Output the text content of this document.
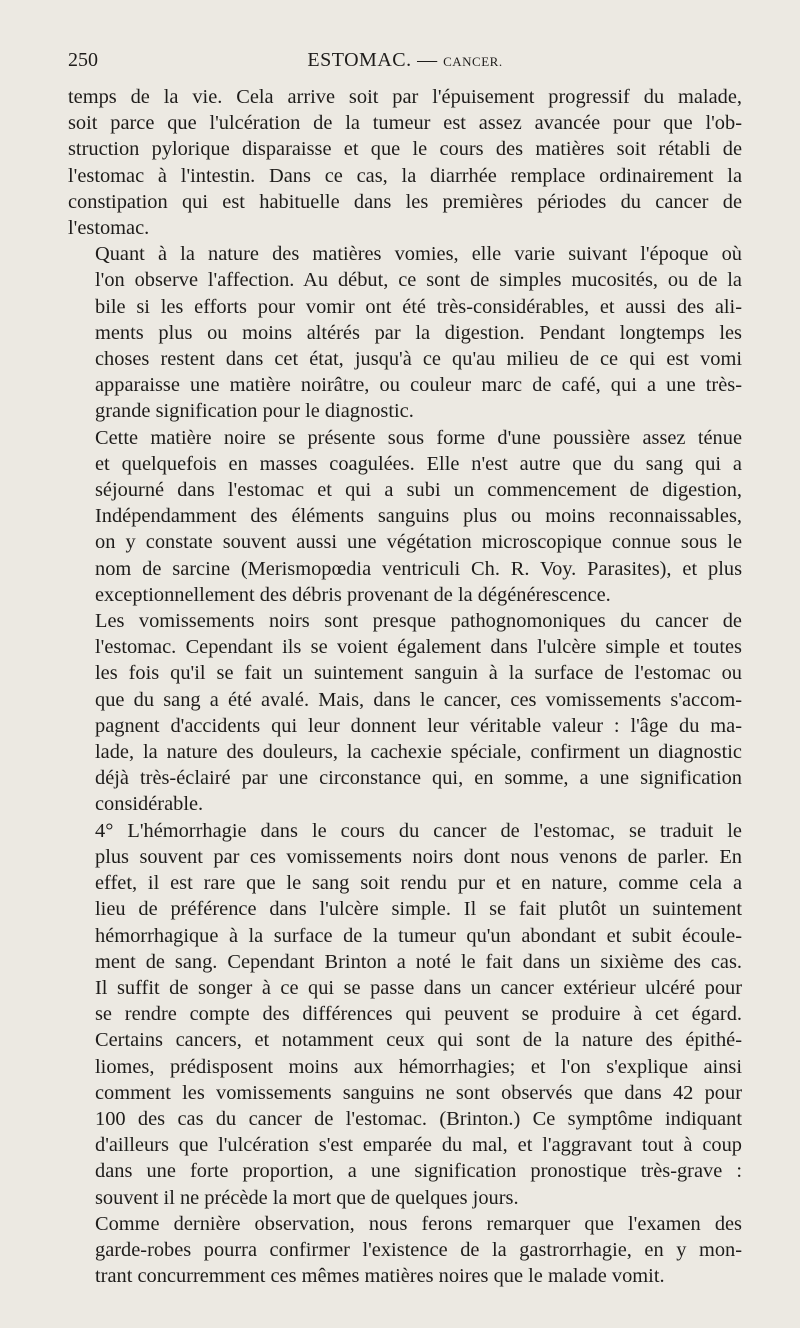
250	ESTOMAC. — CANCER.

temps de la vie. Cela arrive soit par l'épuisement progressif du malade,
soit parce que l'ulcération de la tumeur est assez avancée pour que l'ob-
struction pylorique disparaisse et que le cours des matières soit rétabli de
l'estomac à l'intestin. Dans ce cas, la diarrhée remplace ordinairement la
constipation qui est habituelle dans les premières périodes du cancer de
l'estomac.

Quant à la nature des matières vomies, elle varie suivant l'époque où
l'on observe l'affection. Au début, ce sont de simples mucosités, ou de la
bile si les efforts pour vomir ont été très-considérables, et aussi des ali-
ments plus ou moins altérés par la digestion. Pendant longtemps les
choses restent dans cet état, jusqu'à ce qu'au milieu de ce qui est vomi
apparaisse une matière noirâtre, ou couleur marc de café, qui a une très-
grande signification pour le diagnostic.

Cette matière noire se présente sous forme d'une poussière assez ténue
et quelquefois en masses coagulées. Elle n'est autre que du sang qui a
séjourné dans l'estomac et qui a subi un commencement de digestion,
Indépendamment des éléments sanguins plus ou moins reconnaissables,
on y constate souvent aussi une végétation microscopique connue sous le
nom de sarcine (Merismopœdia ventriculi Ch. R. Voy. Parasites), et plus
exceptionnellement des débris provenant de la dégénérescence.

Les vomissements noirs sont presque pathognomoniques du cancer de
l'estomac. Cependant ils se voient également dans l'ulcère simple et toutes
les fois qu'il se fait un suintement sanguin à la surface de l'estomac ou
que du sang a été avalé. Mais, dans le cancer, ces vomissements s'accom-
pagnent d'accidents qui leur donnent leur véritable valeur : l'âge du ma-
lade, la nature des douleurs, la cachexie spéciale, confirment un diagnostic
déjà très-éclairé par une circonstance qui, en somme, a une signification
considérable.

4° L'hémorrhagie dans le cours du cancer de l'estomac, se traduit le
plus souvent par ces vomissements noirs dont nous venons de parler. En
effet, il est rare que le sang soit rendu pur et en nature, comme cela a
lieu de préférence dans l'ulcère simple. Il se fait plutôt un suintement
hémorrhagique à la surface de la tumeur qu'un abondant et subit écoule-
ment de sang. Cependant Brinton a noté le fait dans un sixième des cas.
Il suffit de songer à ce qui se passe dans un cancer extérieur ulcéré pour
se rendre compte des différences qui peuvent se produire à cet égard.
Certains cancers, et notamment ceux qui sont de la nature des épithé-
liomes, prédisposent moins aux hémorrhagies; et l'on s'explique ainsi
comment les vomissements sanguins ne sont observés que dans 42 pour
100 des cas du cancer de l'estomac. (Brinton.) Ce symptôme indiquant
d'ailleurs que l'ulcération s'est emparée du mal, et l'aggravant tout à coup
dans une forte proportion, a une signification pronostique très-grave :
souvent il ne précède la mort que de quelques jours.

Comme dernière observation, nous ferons remarquer que l'examen des
garde-robes pourra confirmer l'existence de la gastrorrhagie, en y mon-
trant concurremment ces mêmes matières noires que le malade vomit.
